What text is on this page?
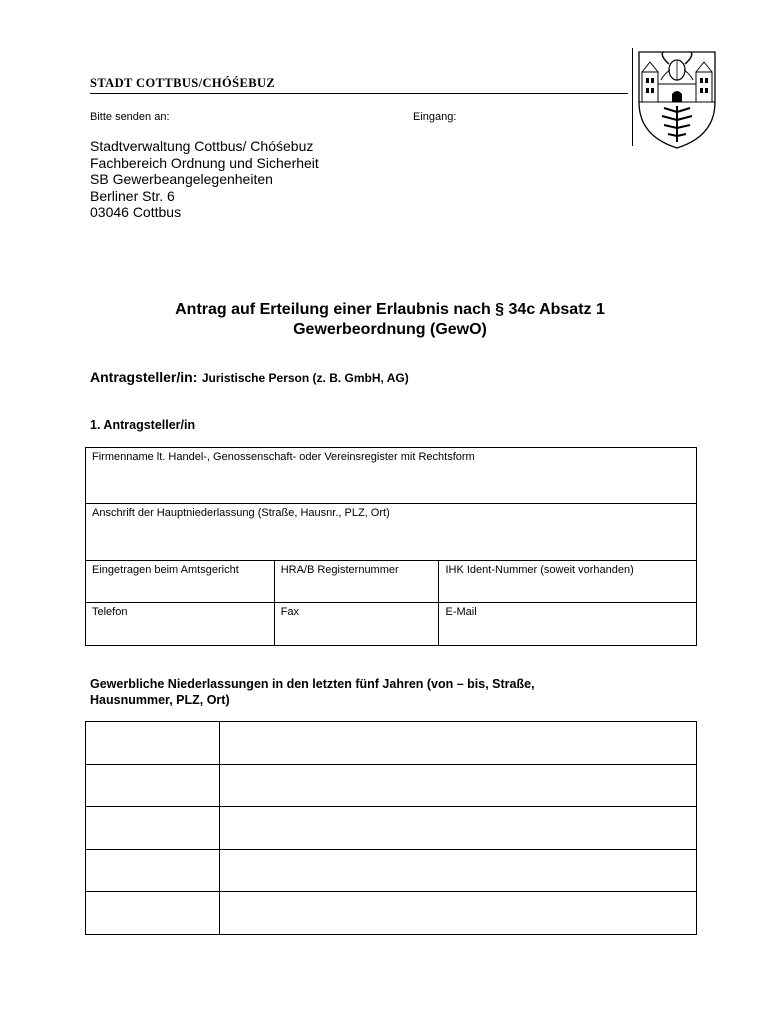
STADT COTTBUS/CHÓŚEBUZ
Bitte senden an:	Eingang:
Stadtverwaltung Cottbus/ Chóśebuz
Fachbereich Ordnung und Sicherheit
SB Gewerbeangelegenheiten
Berliner Str. 6
03046 Cottbus
Antrag auf Erteilung einer Erlaubnis nach § 34c Absatz 1
Gewerbeordnung (GewO)
Antragsteller/in: Juristische Person (z. B. GmbH, AG)
1. Antragsteller/in
Firmenname lt. Handel-, Genossenschaft- oder Vereinsregister mit Rechtsform		
Anschrift der Hauptniederlassung (Straße, Hausnr., PLZ, Ort)		
Eingetragen beim Amtsgericht	HRA/B Registernummer	IHK Ident-Nummer (soweit vorhanden)
Telefon	Fax	E-Mail
Gewerbliche Niederlassungen in den letzten fünf Jahren (von – bis, Straße,
Hausnummer, PLZ, Ort)
